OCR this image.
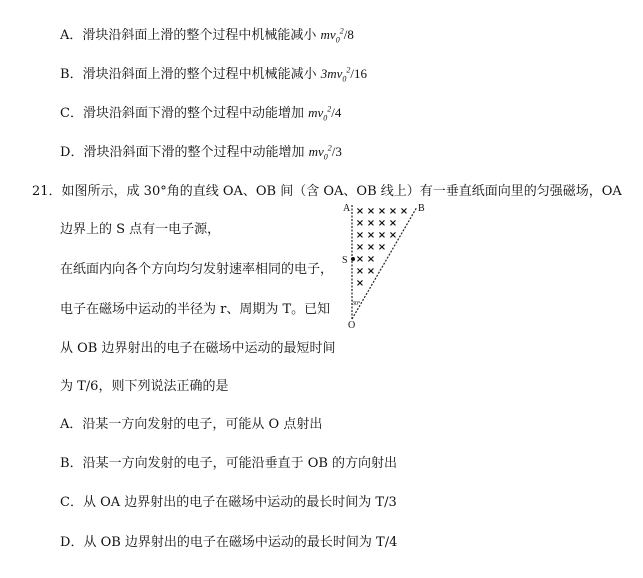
A．滑块沿斜面上滑的整个过程中机械能减小 $mv_0^2/8$
B．滑块沿斜面上滑的整个过程中机械能减小 $3mv_0^2/16$
C．滑块沿斜面下滑的整个过程中动能增加 $mv_0^2/4$
D．滑块沿斜面下滑的整个过程中动能增加 $mv_0^2/3$
21．如图所示，成 30°角的直线 OA、OB 间（含 OA、OB 线上）有一垂直纸面向里的匀强磁场，OA
边界上的 S 点有一电子源，
在纸面内向各个方向均匀发射速率相同的电子，
电子在磁场中运动的半径为 r、周期为 T。已知
从 OB 边界射出的电子在磁场中运动的最短时间
为 T/6，则下列说法正确的是
A	B
S
O
30°
× × × × ×
× × × ×
× × × ×
× × ×
× ×
× ×
×
A．沿某一方向发射的电子，可能从 O 点射出
B．沿某一方向发射的电子，可能沿垂直于 OB 的方向射出
C．从 OA 边界射出的电子在磁场中运动的最长时间为 T/3
D．从 OB 边界射出的电子在磁场中运动的最长时间为 T/4
